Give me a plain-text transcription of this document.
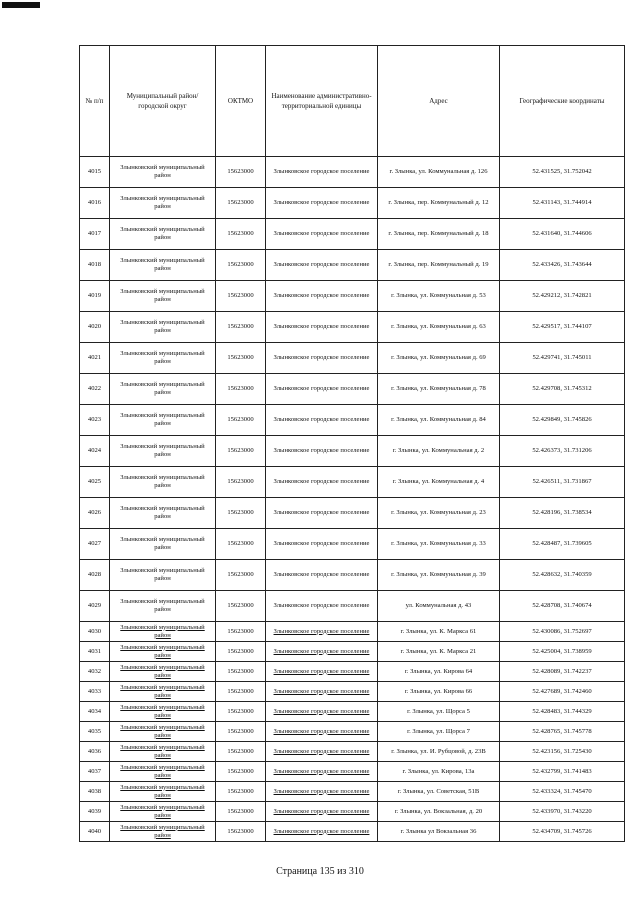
№ п/п	Муниципальный район/городской округ	ОКТМО	Наименование административно-территориальной единицы	Адрес	Географические координаты
4015	Злынковский муниципальный район	15623000	Злынковское городское поселение	г. Злынка, ул. Коммунальная д. 126	52.431525, 31.752042
4016	Злынковский муниципальный район	15623000	Злынковское городское поселение	г. Злынка, пер. Коммунальный д. 12	52.431143, 31.744914
4017	Злынковский муниципальный район	15623000	Злынковское городское поселение	г. Злынка, пер. Коммунальный д. 18	52.431640, 31.744606
4018	Злынковский муниципальный район	15623000	Злынковское городское поселение	г. Злынка, пер. Коммунальный д. 19	52.433426, 31.743644
4019	Злынковский муниципальный район	15623000	Злынковское городское поселение	г. Злынка, ул. Коммунальная д. 53	52.429212, 31.742821
4020	Злынковский муниципальный район	15623000	Злынковское городское поселение	г. Злынка, ул. Коммунальная д. 63	52.429517, 31.744107
4021	Злынковский муниципальный район	15623000	Злынковское городское поселение	г. Злынка, ул. Коммунальная д. 69	52.429741, 31.745011
4022	Злынковский муниципальный район	15623000	Злынковское городское поселение	г. Злынка, ул. Коммунальная д. 78	52.429708, 31.745312
4023	Злынковский муниципальный район	15623000	Злынковское городское поселение	г. Злынка, ул. Коммунальная д. 84	52.429849, 31.745826
4024	Злынковский муниципальный район	15623000	Злынковское городское поселение	г. Злынка, ул. Коммунальная д. 2	52.426373, 31.731206
4025	Злынковский муниципальный район	15623000	Злынковское городское поселение	г. Злынка, ул. Коммунальная д. 4	52.426511, 31.731867
4026	Злынковский муниципальный район	15623000	Злынковское городское поселение	г. Злынка, ул. Коммунальная д. 23	52.428196, 31.738534
4027	Злынковский муниципальный район	15623000	Злынковское городское поселение	г. Злынка, ул. Коммунальная д. 33	52.428487, 31.739605
4028	Злынковский муниципальный район	15623000	Злынковское городское поселение	г. Злынка, ул. Коммунальная д. 39	52.428632, 31.740359
4029	Злынковский муниципальный район	15623000	Злынковское городское поселение	ул. Коммунальная д. 43	52.428708, 31.740674
4030	Злынковский муниципальный район	15623000	Злынковское городское поселение	г. Злынка, ул. К. Маркса 61	52.430086, 31.752697
4031	Злынковский муниципальный район	15623000	Злынковское городское поселение	г. Злынка, ул. К. Маркса 21	52.425004, 31.738959
4032	Злынковский муниципальный район	15623000	Злынковское городское поселение	г. Злынка, ул. Кирова 64	52.428089, 31.742237
4033	Злынковский муниципальный район	15623000	Злынковское городское поселение	г. Злынка, ул. Кирова 66	52.427689, 31.742460
4034	Злынковский муниципальный район	15623000	Злынковское городское поселение	г. Злынка, ул. Щорса 5	52.428483, 31.744329
4035	Злынковский муниципальный район	15623000	Злынковское городское поселение	г. Злынка, ул. Щорса 7	52.428765, 31.745778
4036	Злынковский муниципальный район	15623000	Злынковское городское поселение	г. Злынка, ул. И. Рубцовой, д. 23В	52.423156, 31.725430
4037	Злынковский муниципальный район	15623000	Злынковское городское поселение	г. Злынка, ул. Кирова, 13а	52.432799, 31.741483
4038	Злынковский муниципальный район	15623000	Злынковское городское поселение	г. Злынка, ул. Советская, 51В	52.433324, 31.745470
4039	Злынковский муниципальный район	15623000	Злынковское городское поселение	г. Злынка, ул. Вокзальная, д. 20	52.433970, 31.743220
4040	Злынковский муниципальный район	15623000	Злынковское городское поселение	г. Злынка ул Вокзальная 36	52.434709, 31.745726
Страница 135 из 310
